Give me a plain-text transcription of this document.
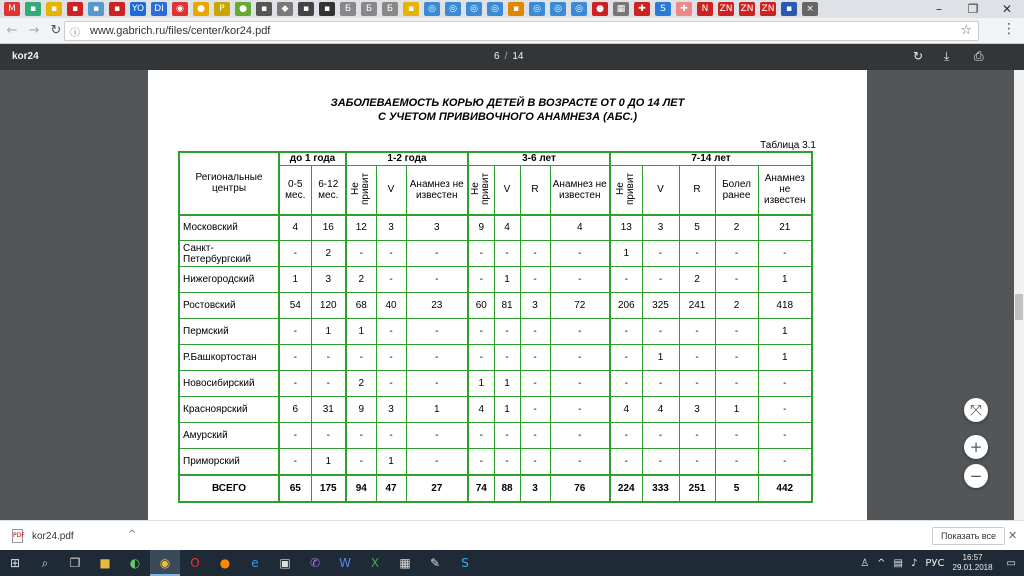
M	▪	▪	▪	▪	▪	YO	DI	◉	●	P	●	▪	◆	▪	▪	Б	Б	Б	▪	◎	◎	◎	◎	▪	◎	◎	◎	●	▦	✚	S	✚	N	ZN ZN ZN	▪	×	–	❐	✕
← → ↻ ⓘ www.gabrich.ru/files/center/kor24.pdf	☆ ⋮
kor24	6 / 14	↻ ⤓ ⎙
ЗАБОЛЕВАЕМОСТЬ КОРЬЮ ДЕТЕЙ В ВОЗРАСТЕ ОТ 0 ДО 14 ЛЕТ
С УЧЕТОМ ПРИВИВОЧНОГО АНАМНЕЗА (АБС.)
Таблица 3.1
Региональные центры	до 1 года		1-2 года			3-6 лет				7-14 лет				
	0-5 мес.	6-12 мес.	Не привит	V	Анамнез не известен	Не привит	V	R	Анамнез не известен	Не привит	V	R	Болел ранее	Анамнез не известен
Московский	4	16	12	3	3	9	4		4	13	3	5	2	21
Санкт-Петербургский	-	2	-	-	-	-	-	-	-	1	-	-	-	-
Нижегородский	1	3	2	-	-	-	1	-	-	-	-	2	-	1
Ростовский	54	120	68	40	23	60	81	3	72	206	325	241	2	418
Пермский	-	1	1	-	-	-	-	-	-	-	-	-	-	1
Р.Башкортостан	-	-	-	-	-	-	-	-	-	-	1	-	-	1
Новосибирский	-	-	2	-	-	1	1	-	-	-	-	-	-	-
Красноярский	6	31	9	3	1	4	1	-	-	4	4	3	1	-
Амурский	-	-	-	-	-	-	-	-	-	-	-	-	-	-
Приморский	-	1	-	1	-	-	-	-	-	-	-	-	-	-
ВСЕГО	65	175	94	47	27	74	88	3	76	224	333	251	5	442
⤧
+
−
PDF kor24.pdf	^	Показать все	✕
⊞	⌕	❐	■	◐	◉	O	●	e	▣	✆	W	X	▦	✎	S	♙ ^ ▤ ♪ РУС	16:57
29.01.2018 ▭
